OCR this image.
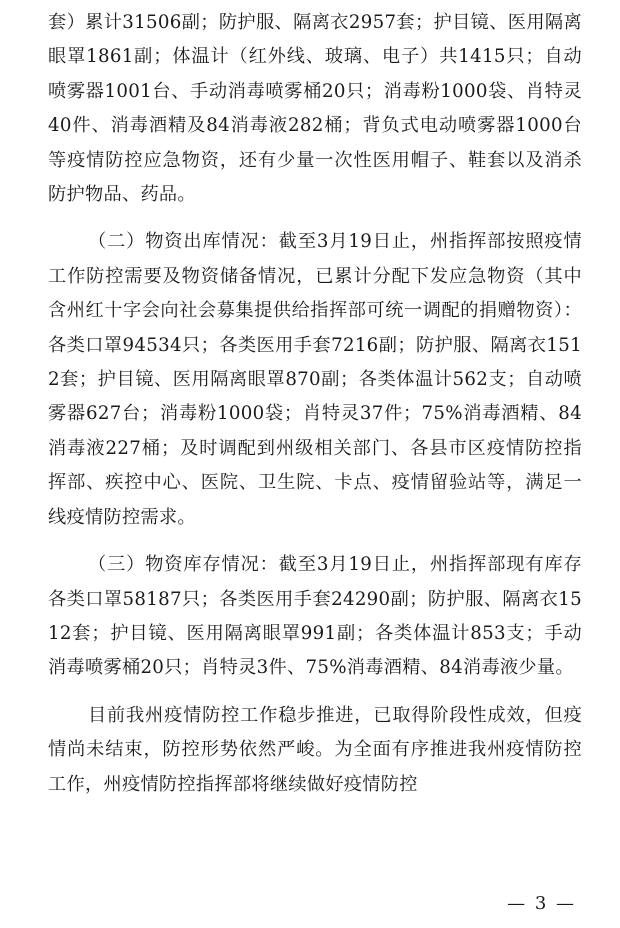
套）累计31506副；防护服、隔离衣2957套；护目镜、医用隔离眼罩1861副；体温计（红外线、玻璃、电子）共1415只；自动喷雾器1001台、手动消毒喷雾桶20只；消毒粉1000袋、肖特灵40件、消毒酒精及84消毒液282桶；背负式电动喷雾器1000台等疫情防控应急物资，还有少量一次性医用帽子、鞋套以及消杀防护物品、药品。

（二）物资出库情况：截至3月19日止，州指挥部按照疫情工作防控需要及物资储备情况，已累计分配下发应急物资（其中含州红十字会向社会募集提供给指挥部可统一调配的捐赠物资）：各类口罩94534只；各类医用手套7216副；防护服、隔离衣1512套；护目镜、医用隔离眼罩870副；各类体温计562支；自动喷雾器627台；消毒粉1000袋；肖特灵37件；75%消毒酒精、84消毒液227桶；及时调配到州级相关部门、各县市区疫情防控指挥部、疾控中心、医院、卫生院、卡点、疫情留验站等，满足一线疫情防控需求。

（三）物资库存情况：截至3月19日止，州指挥部现有库存各类口罩58187只；各类医用手套24290副；防护服、隔离衣1512套；护目镜、医用隔离眼罩991副；各类体温计853支；手动消毒喷雾桶20只；肖特灵3件、75%消毒酒精、84消毒液少量。

目前我州疫情防控工作稳步推进，已取得阶段性成效，但疫情尚未结束，防控形势依然严峻。为全面有序推进我州疫情防控工作，州疫情防控指挥部将继续做好疫情防控

— 3 —
